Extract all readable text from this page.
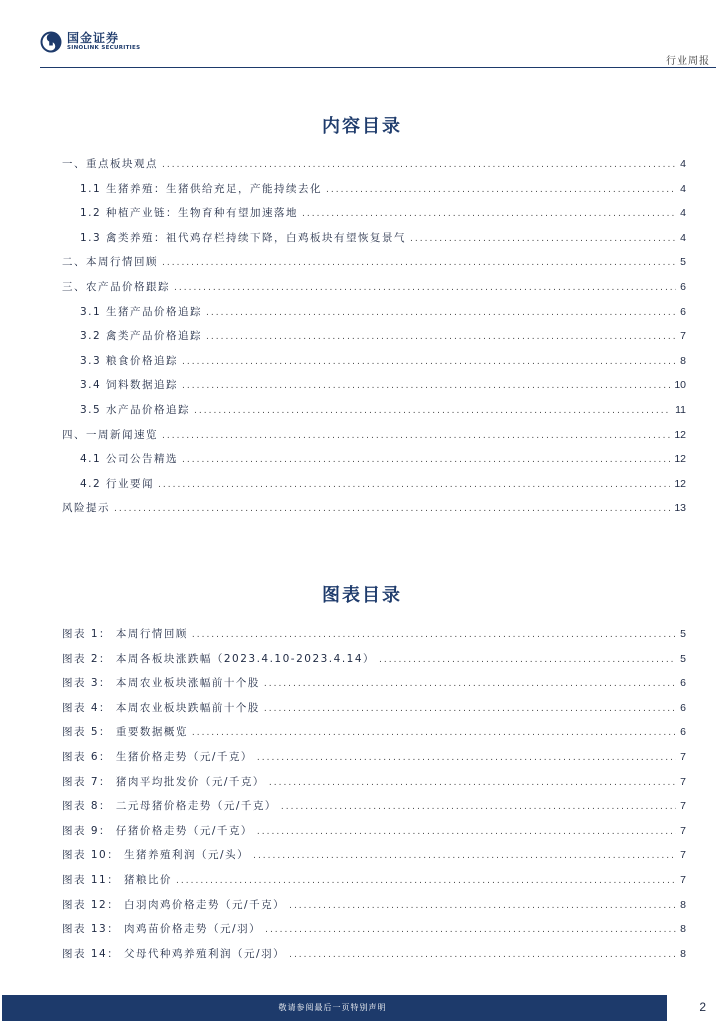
国金证券
SINOLINK SECURITIES
行业周报
内容目录
一、重点板块观点 .....	4
1.1 生猪养殖：生猪供给充足，产能持续去化 .....	4
1.2 种植产业链：生物育种有望加速落地 .....	4
1.3 禽类养殖：祖代鸡存栏持续下降，白鸡板块有望恢复景气 .....	4
二、本周行情回顾 .....	5
三、农产品价格跟踪 .....	6
3.1 生猪产品价格追踪 .....	6
3.2 禽类产品价格追踪 .....	7
3.3 粮食价格追踪 .....	8
3.4 饲料数据追踪 .....	10
3.5 水产品价格追踪 .....	11
四、一周新闻速览 .....	12
4.1 公司公告精选 .....	12
4.2 行业要闻 .....	12
风险提示 .....	13
图表目录
图表 1： 本周行情回顾 .....	5
图表 2： 本周各板块涨跌幅（2023.4.10-2023.4.14） .....	5
图表 3： 本周农业板块涨幅前十个股 .....	6
图表 4： 本周农业板块跌幅前十个股 .....	6
图表 5： 重要数据概览 .....	6
图表 6： 生猪价格走势（元/千克） .....	7
图表 7： 猪肉平均批发价（元/千克） .....	7
图表 8： 二元母猪价格走势（元/千克） .....	7
图表 9： 仔猪价格走势（元/千克） .....	7
图表 10： 生猪养殖利润（元/头） .....	7
图表 11： 猪粮比价 .....	7
图表 12： 白羽肉鸡价格走势（元/千克） .....	8
图表 13： 肉鸡苗价格走势（元/羽） .....	8
图表 14： 父母代种鸡养殖利润（元/羽） .....	8
敬请参阅最后一页特别声明	2
